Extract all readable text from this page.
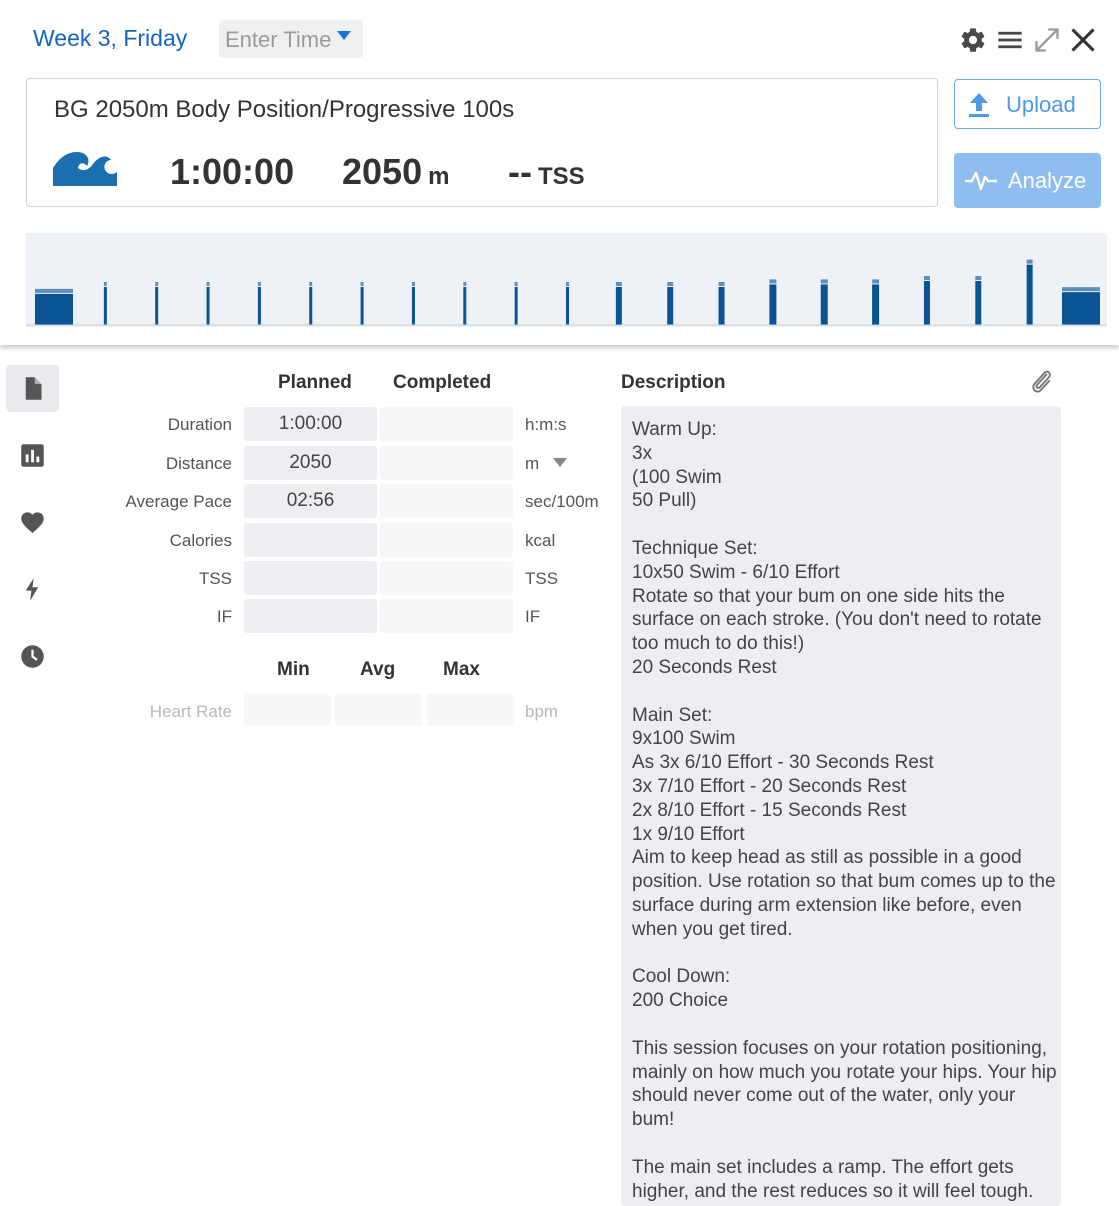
Week 3, Friday Enter Time
BG 2050m Body Position/Progressive 100s
1:00:00 2050 m -- TSS
Upload
Analyze
Planned Completed
Duration	1:00:00	h:m:s
Distance	2050	m
Average Pace	02:56	sec/100m
Calories	kcal
TSS	TSS
IF	IF
Min	Avg	Max
Heart Rate	bpm
Description
Warm Up:
3x
(100 Swim
50 Pull)

Technique Set:
10x50 Swim - 6/10 Effort
Rotate so that your bum on one side hits the surface on each stroke. (You don't need to rotate too much to do this!)
20 Seconds Rest

Main Set:
9x100 Swim
As 3x 6/10 Effort - 30 Seconds Rest
3x 7/10 Effort - 20 Seconds Rest
2x 8/10 Effort - 15 Seconds Rest
1x 9/10 Effort
Aim to keep head as still as possible in a good position. Use rotation so that bum comes up to the surface during arm extension like before, even when you get tired.

Cool Down:
200 Choice

This session focuses on your rotation positioning, mainly on how much you rotate your hips. Your hip should never come out of the water, only your bum!

The main set includes a ramp. The effort gets higher, and the rest reduces so it will feel tough.
